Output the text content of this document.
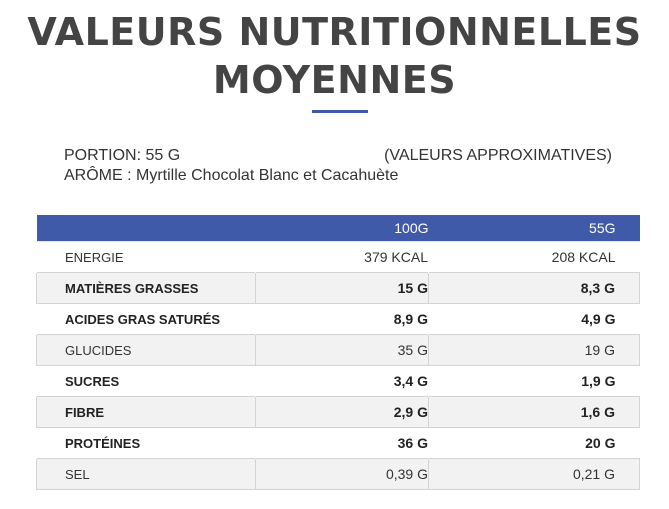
VALEURS NUTRITIONNELLES
MOYENNES
PORTION: 55 G	(VALEURS APPROXIMATIVES)
ARÔME : Myrtille Chocolat Blanc et Cacahuète
	100G	55G
ENERGIE	379 KCAL	208 KCAL
MATIÈRES GRASSES	15 G	8,3 G
ACIDES GRAS SATURÉS	8,9 G	4,9 G
GLUCIDES	35 G	19 G
SUCRES	3,4 G	1,9 G
FIBRE	2,9 G	1,6 G
PROTÉINES	36 G	20 G
SEL	0,39 G	0,21 G
